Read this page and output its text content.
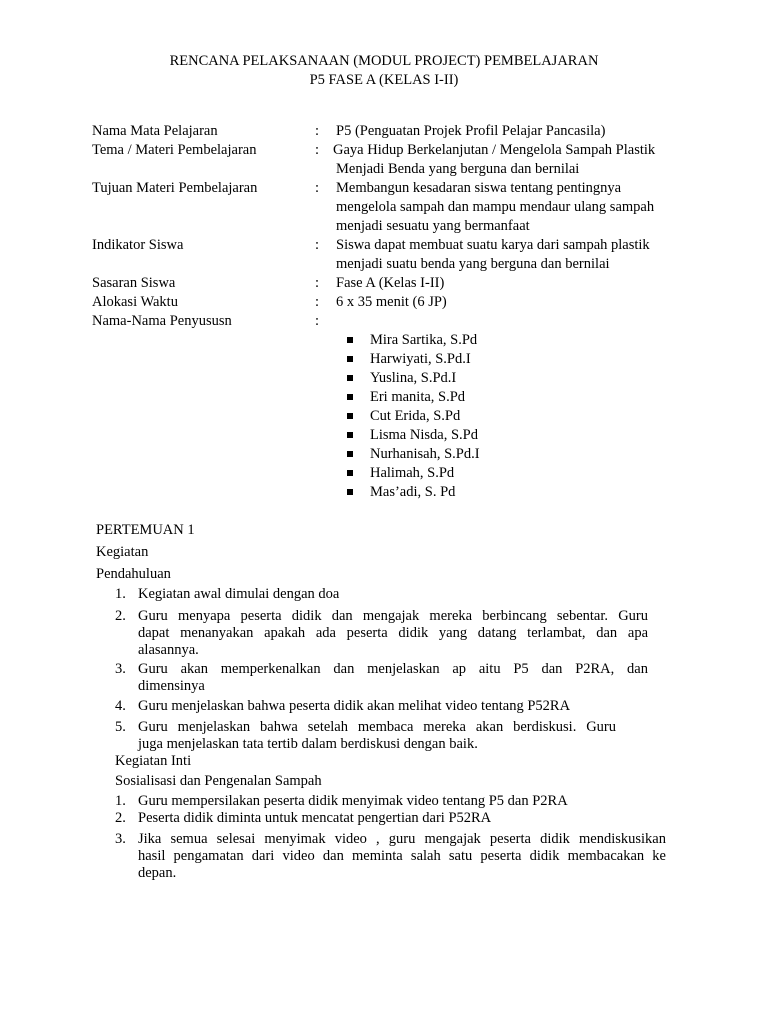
RENCANA PELAKSANAAN (MODUL PROJECT) PEMBELAJARAN
P5 FASE A (KELAS I-II)
Nama Mata Pelajaran	: P5 (Penguatan Projek Profil Pelajar Pancasila)
Tema / Materi Pembelajaran	: Gaya Hidup Berkelanjutan / Mengelola Sampah Plastik
Menjadi Benda yang berguna dan bernilai
Tujuan Materi Pembelajaran	: Membangun kesadaran siswa tentang pentingnya
mengelola sampah dan mampu mendaur ulang sampah
menjadi sesuatu yang bermanfaat
Indikator Siswa	: Siswa dapat membuat suatu karya dari sampah plastik
menjadi suatu benda yang berguna dan bernilai
Sasaran Siswa	: Fase A (Kelas I-II)
Alokasi Waktu	: 6 x 35 menit (6 JP)
Nama-Nama Penyususn	:
Mira Sartika, S.Pd
Harwiyati, S.Pd.I
Yuslina, S.Pd.I
Eri manita, S.Pd
Cut Erida, S.Pd
Lisma Nisda, S.Pd
Nurhanisah, S.Pd.I
Halimah, S.Pd
Mas’adi, S. Pd
PERTEMUAN 1
Kegiatan
Pendahuluan
1. Kegiatan awal dimulai dengan doa
2. Guru menyapa peserta didik dan mengajak mereka berbincang sebentar. Guru
dapat menanyakan apakah ada peserta didik yang datang terlambat, dan apa
alasannya.
3. Guru akan memperkenalkan dan menjelaskan ap aitu P5 dan P2RA, dan
dimensinya
4. Guru menjelaskan bahwa peserta didik akan melihat video tentang P52RA
5. Guru menjelaskan bahwa setelah membaca mereka akan berdiskusi. Guru
juga menjelaskan tata tertib dalam berdiskusi dengan baik.
Kegiatan Inti
Sosialisasi dan Pengenalan Sampah
1. Guru mempersilakan peserta didik menyimak video tentang P5 dan P2RA
2. Peserta didik diminta untuk mencatat pengertian dari P52RA
3. Jika semua selesai menyimak video , guru mengajak peserta didik mendiskusikan
hasil pengamatan dari video dan meminta salah satu peserta didik membacakan ke
depan.
